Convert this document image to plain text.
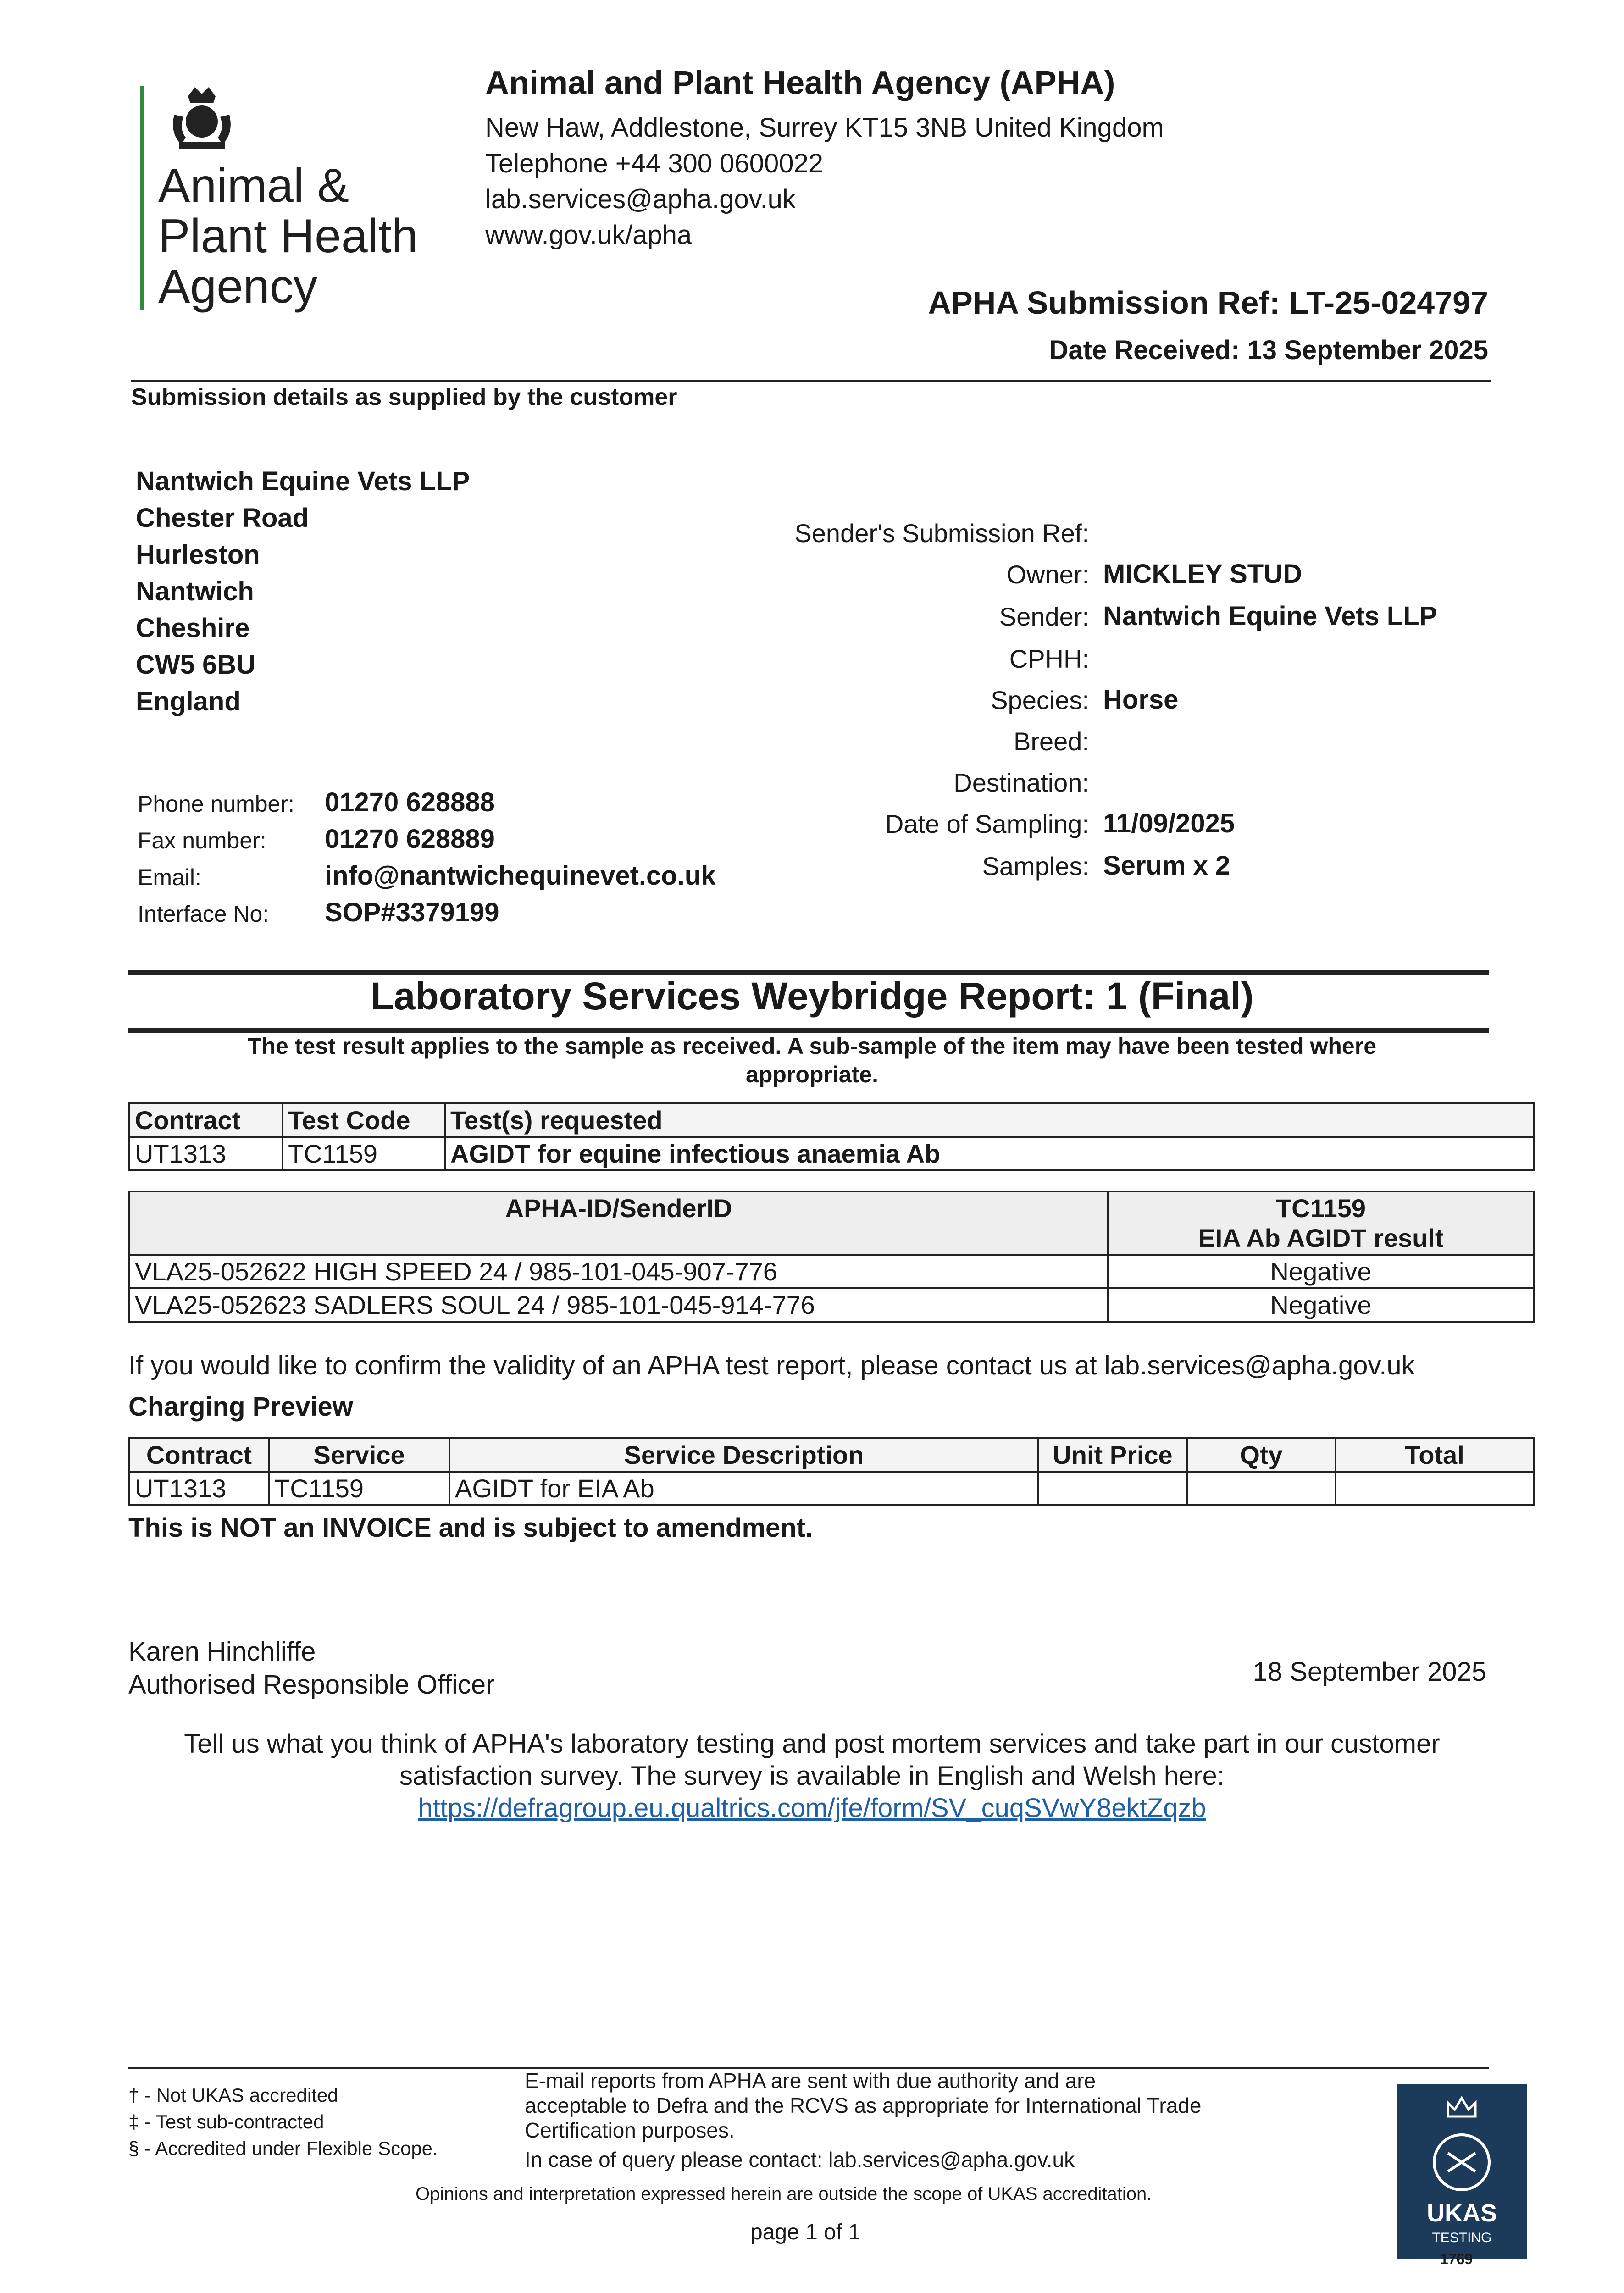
Animal &
Plant Health
Agency
Animal and Plant Health Agency (APHA)
New Haw, Addlestone, Surrey KT15 3NB United Kingdom
Telephone +44 300 0600022
lab.services@apha.gov.uk
www.gov.uk/apha
APHA Submission Ref: LT-25-024797
Date Received: 13 September 2025
Submission details as supplied by the customer
Nantwich Equine Vets LLP
Chester Road
Hurleston
Nantwich
Cheshire
CW5 6BU
England
Phone number: 01270 628888
Fax number: 01270 628889
Email:	info@nantwichequinevet.co.uk
Interface No: SOP#3379199
Sender's Submission Ref:
Owner: MICKLEY STUD
Sender: Nantwich Equine Vets LLP
CPHH:
Species: Horse
Breed:
Destination:
Date of Sampling: 11/09/2025
Samples: Serum x 2
Laboratory Services Weybridge Report: 1 (Final)
The test result applies to the sample as received. A sub-sample of the item may have been tested where appropriate.
Contract	Test Code	Test(s) requested
UT1313	TC1159	AGIDT for equine infectious anaemia Ab
APHA-ID/SenderID	TC1159
EIA Ab AGIDT result

VLA25-052622 HIGH SPEED 24 / 985-101-045-907-776	Negative
VLA25-052623 SADLERS SOUL 24 / 985-101-045-914-776	Negative
If you would like to confirm the validity of an APHA test report, please contact us at lab.services@apha.gov.uk
Charging Preview
Contract	Service	Service Description	Unit Price	Qty	Total
UT1313	TC1159	AGIDT for EIA Ab			
This is NOT an INVOICE and is subject to amendment.
Karen Hinchliffe
Authorised Responsible Officer	18 September 2025
Tell us what you think of APHA's laboratory testing and post mortem services and take part in our customer
satisfaction survey. The survey is available in English and Welsh here:
https://defragroup.eu.qualtrics.com/jfe/form/SV_cuqSVwY8ektZqzb
† - Not UKAS accredited
‡ - Test sub-contracted
§ - Accredited under Flexible Scope.
E-mail reports from APHA are sent with due authority and are
acceptable to Defra and the RCVS as appropriate for International Trade
Certification purposes.
In case of query please contact: lab.services@apha.gov.uk
Opinions and interpretation expressed herein are outside the scope of UKAS accreditation.
page 1 of 1
UKAS
TESTING
1769
